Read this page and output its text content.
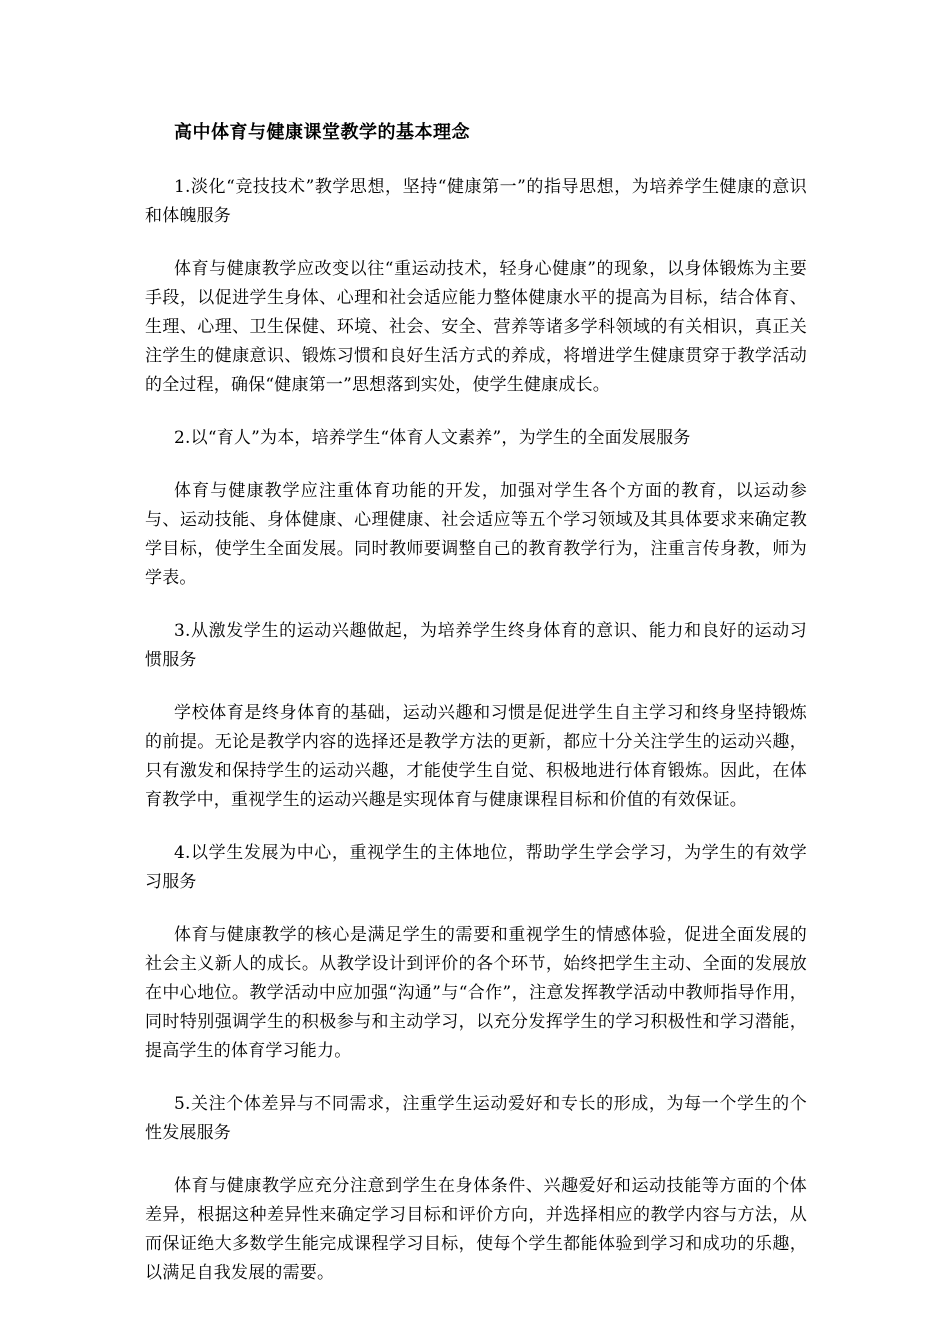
高中体育与健康课堂教学的基本理念

1.淡化“竞技技术”教学思想，坚持“健康第一”的指导思想，为培养学生健康的意识和体魄服务

体育与健康教学应改变以往“重运动技术，轻身心健康”的现象，以身体锻炼为主要手段，以促进学生身体、心理和社会适应能力整体健康水平的提高为目标，结合体育、生理、心理、卫生保健、环境、社会、安全、营养等诸多学科领域的有关相识，真正关注学生的健康意识、锻炼习惯和良好生活方式的养成，将增进学生健康贯穿于教学活动的全过程，确保“健康第一”思想落到实处，使学生健康成长。

2.以“育人”为本，培养学生“体育人文素养”，为学生的全面发展服务

体育与健康教学应注重体育功能的开发，加强对学生各个方面的教育，以运动参与、运动技能、身体健康、心理健康、社会适应等五个学习领域及其具体要求来确定教学目标，使学生全面发展。同时教师要调整自己的教育教学行为，注重言传身教，师为学表。

3.从激发学生的运动兴趣做起，为培养学生终身体育的意识、能力和良好的运动习惯服务

学校体育是终身体育的基础，运动兴趣和习惯是促进学生自主学习和终身坚持锻炼的前提。无论是教学内容的选择还是教学方法的更新，都应十分关注学生的运动兴趣，只有激发和保持学生的运动兴趣，才能使学生自觉、积极地进行体育锻炼。因此，在体育教学中，重视学生的运动兴趣是实现体育与健康课程目标和价值的有效保证。

4.以学生发展为中心，重视学生的主体地位，帮助学生学会学习，为学生的有效学习服务

体育与健康教学的核心是满足学生的需要和重视学生的情感体验，促进全面发展的社会主义新人的成长。从教学设计到评价的各个环节，始终把学生主动、全面的发展放在中心地位。教学活动中应加强“沟通”与“合作”，注意发挥教学活动中教师指导作用，同时特别强调学生的积极参与和主动学习，以充分发挥学生的学习积极性和学习潜能，提高学生的体育学习能力。

5.关注个体差异与不同需求，注重学生运动爱好和专长的形成，为每一个学生的个性发展服务

体育与健康教学应充分注意到学生在身体条件、兴趣爱好和运动技能等方面的个体差异，根据这种差异性来确定学习目标和评价方向，并选择相应的教学内容与方法，从而保证绝大多数学生能完成课程学习目标，使每个学生都能体验到学习和成功的乐趣，以满足自我发展的需要。
